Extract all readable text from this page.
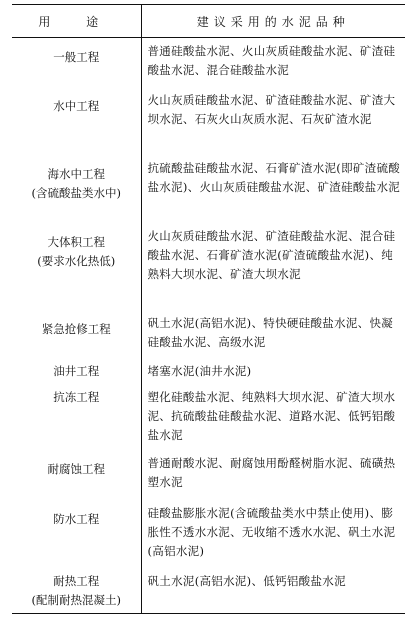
用 途	建议采用的水泥品种
一般工程	普通硅酸盐水泥、火山灰质硅酸盐水泥、矿渣硅酸盐水泥、混合硅酸盐水泥
水中工程	火山灰质硅酸盐水泥、矿渣硅酸盐水泥、矿渣大坝水泥、石灰火山灰质水泥、石灰矿渣水泥
海水中工程
(含硫酸盐类水中)	抗硫酸盐硅酸盐水泥、石膏矿渣水泥(即矿渣硫酸盐水泥)、火山灰质硅酸盐水泥、矿渣硅酸盐水泥
大体积工程
(要求水化热低)	火山灰质硅酸盐水泥、矿渣硅酸盐水泥、混合硅酸盐水泥、石膏矿渣水泥(矿渣硫酸盐水泥)、纯熟料大坝水泥、矿渣大坝水泥
紧急抢修工程	矾土水泥(高铝水泥)、特快硬硅酸盐水泥、快凝硅酸盐水泥、高级水泥
油井工程	堵塞水泥(油井水泥)
抗冻工程	塑化硅酸盐水泥、纯熟料大坝水泥、矿渣大坝水泥、抗硫酸盐硅酸盐水泥、道路水泥、低钙铝酸盐水泥
耐腐蚀工程	普通耐酸水泥、耐腐蚀用酚醛树脂水泥、硫磺热塑水泥
防水工程	硅酸盐膨胀水泥(含硫酸盐类水中禁止使用)、膨胀性不透水水泥、无收缩不透水水泥、矾土水泥(高铝水泥)
耐热工程
(配制耐热混凝土)	矾土水泥(高铝水泥)、低钙铝酸盐水泥
